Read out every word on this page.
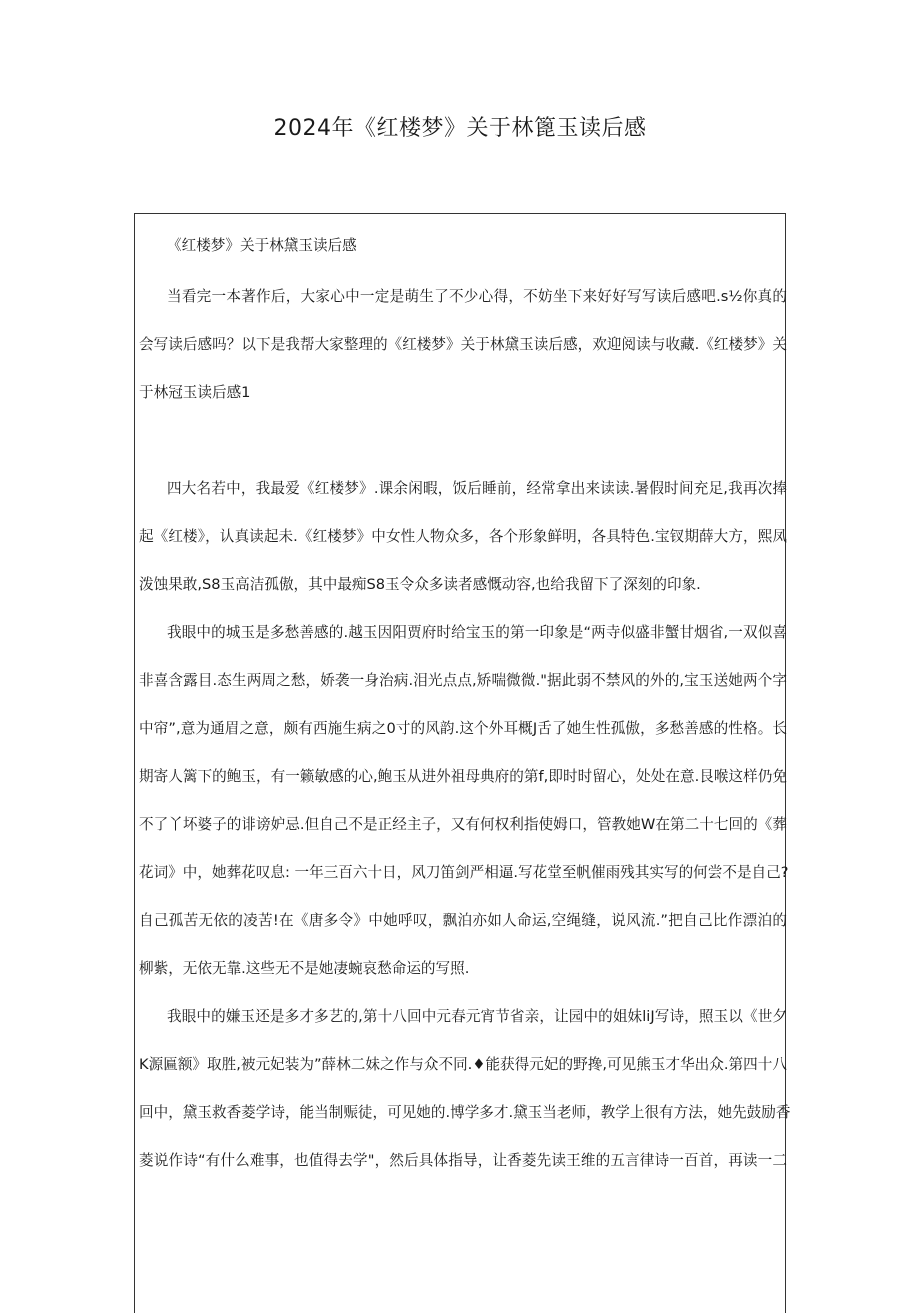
2024年《红楼梦》关于林篦玉读后感
《红楼梦》关于林黛玉读后感
当看完一本著作后，大家心中一定是萌生了不少心得，不妨坐下来好好写写读后感吧.s½你真的
会写读后感吗？以下是我帮大家整理的《红楼梦》关于林黛玉读后感，欢迎阅读与收藏.《红楼梦》关
于林冠玉读后感1
四大名若中，我最爱《红楼梦》.课余闲暇，饭后睡前，经常拿出来读读.暑假时间充足,我再次捧
起《红楼》，认真读起未.《红楼梦》中女性人物众多，各个形象鲜明，各具特色.宝钗期薛大方，熙凤
泼蚀果敢,S8玉高洁孤傲，其中最痴S8玉令众多读者感慨动容,也给我留下了深刻的印象.
我眼中的城玉是多愁善感的.越玉因阳贾府时给宝玉的第一印象是“两寺似盛非蟹甘烟省,一双似喜
非喜含露目.态生两周之愁，娇袭一身治病.泪光点点,矫喘微微."据此弱不禁风的外的,宝玉送她两个字
中帘”,意为通眉之意，颇有西施生病之0寸的风韵.这个外耳概J舌了她生性孤傲，多愁善感的性格。长
期寄人篱下的鲍玉，有一籁敏感的心,鲍玉从进外祖母典府的第f,即时时留心，处处在意.艮喉这样仍免
不了丫坏婆子的诽谤妒忌.但自己不是正经主子，又有何权利指使姆口，管教她W在第二十七回的《葬
花词》中，她葬花叹息: 一年三百六十日，风刀笛剑严相逼.写花堂至帆催雨残其实写的何尝不是自己?
自己孤苦无依的凌苦!在《唐多令》中她呼叹，飘泊亦如人命运,空绳缝，说风流.”把自己比作漂泊的
柳紫，无依无靠.这些无不是她凄蜿哀愁命运的写照.
我眼中的嫌玉还是多才多艺的,第十八回中元春元宵节省亲，让园中的姐妹liJ写诗，照玉以《世夕
K源匾额》取胜,被元妃装为”薛林二妹之作与众不同.♦能获得元妃的野搀,可见熊玉才华出众.第四十八
回中，黛玉救香菱学诗，能当制赈徒，可见她的.博学多才.黛玉当老师，教学上很有方法，她先鼓励香
菱说作诗“有什么难事，也值得去学"，然后具体指导，让香菱先读王维的五言律诗一百首，再读一二
